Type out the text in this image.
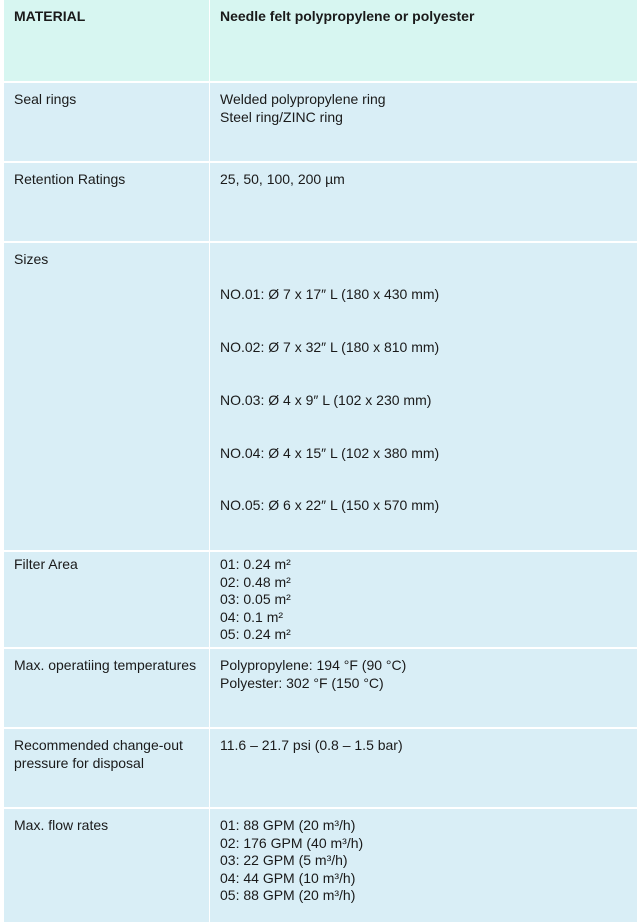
MATERIAL	Needle felt polypropylene or polyester

Seal rings	Welded polypropylene ring
Steel ring/ZINC ring

Retention Ratings	25, 50, 100, 200 µm

Sizes	NO.01: Ø 7 x 17″ L (180 x 430 mm)

NO.02: Ø 7 x 32″ L (180 x 810 mm)

NO.03: Ø 4 x 9″ L (102 x 230 mm)

NO.04: Ø 4 x 15″ L (102 x 380 mm)

NO.05: Ø 6 x 22″ L (150 x 570 mm)

Filter Area	01: 0.24 m²
02: 0.48 m²
03: 0.05 m²
04: 0.1 m²
05: 0.24 m²

Max. operatiing temperatures	Polypropylene: 194 °F (90 °C)
Polyester: 302 °F (150 °C)

Recommended change-out pressure for disposal	11.6 – 21.7 psi (0.8 – 1.5 bar)

Max. flow rates	01: 88 GPM (20 m³/h)
02: 176 GPM (40 m³/h)
03: 22 GPM (5 m³/h)
04: 44 GPM (10 m³/h)
05: 88 GPM (20 m³/h)
